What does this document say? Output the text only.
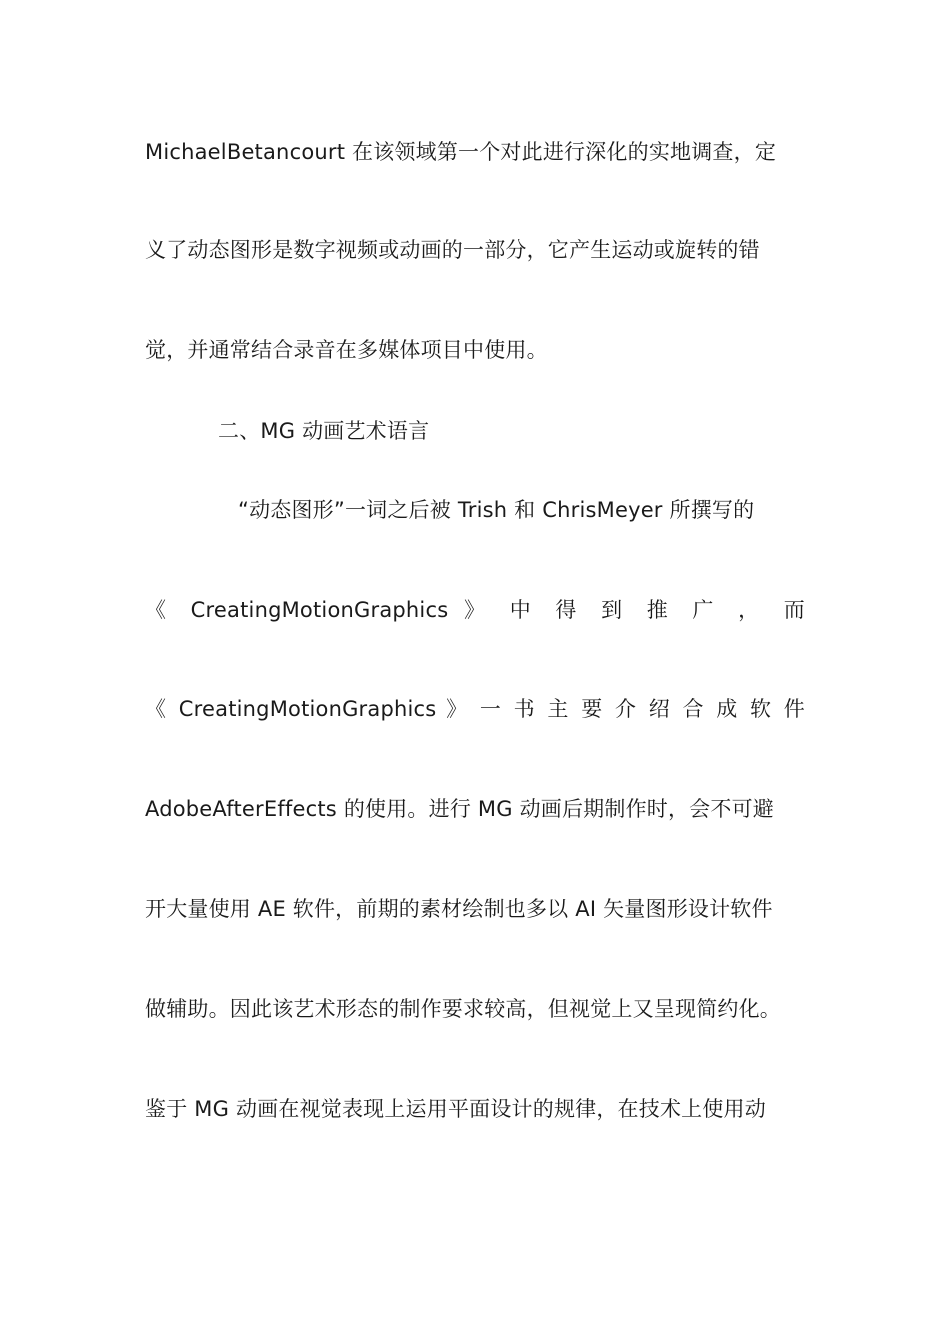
MichaelBetancourt 在该领域第一个对此进行深化的实地调查，定
义了动态图形是数字视频或动画的一部分，它产生运动或旋转的错
觉，并通常结合录音在多媒体项目中使用。
二、MG 动画艺术语言
“动态图形”一词之后被 Trish 和 ChrisMeyer 所撰写的
《 CreatingMotionGraphics 》 中 得 到 推 广 ， 而
《 CreatingMotionGraphics 》 一 书 主 要 介 绍 合 成 软 件
AdobeAfterEffects 的使用。进行 MG 动画后期制作时，会不可避
开大量使用 AE 软件，前期的素材绘制也多以 AI 矢量图形设计软件
做辅助。因此该艺术形态的制作要求较高，但视觉上又呈现简约化。
鉴于 MG 动画在视觉表现上运用平面设计的规律，在技术上使用动
